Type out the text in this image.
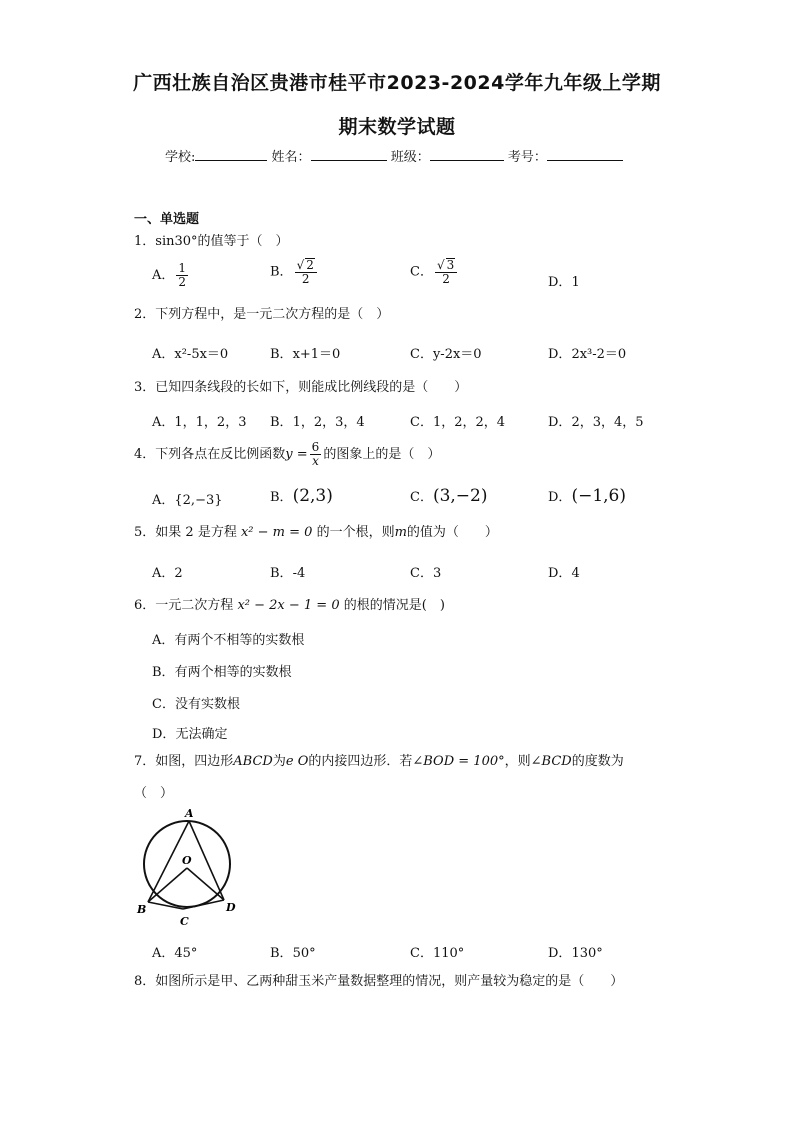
广西壮族自治区贵港市桂平市2023-2024学年九年级上学期
期末数学试题
学校:	姓名：	班级：	考号：
一、单选题
1．sin30°的值等于（　）
A． $\frac{1}{2}$	B． $\frac{√ 2}{2}$	C． $\frac{√ 3}{2}$	D．1
2．下列方程中，是一元二次方程的是（　）
A．x²-5x＝0	B．x+1＝0	C．y-2x＝0	D．2x³-2＝0
3．已知四条线段的长如下，则能成比例线段的是（　　）
A．1，1，2，3 B．1，2，3，4	C．1，2，2，4	D．2，3，4，5
4．下列各点在反比例函数$y = \frac{6}{x}$ 的图象上的是（　）
A．{2,−3}	B．(2,3)	C．(3,−2)	D．(−1,6)
5．如果 2 是方程 x² − m = 0 的一个根，则m的值为（　　）
A．2	B．-4	C．3	D．4
6．一元二次方程 x² − 2x − 1 = 0 的根的情况是(　)
A．有两个不相等的实数根
B．有两个相等的实数根
C．没有实数根
D．无法确定
7．如图，四边形ABCD为e O的内接四边形．若∠BOD = 100°，则∠BCD的度数为
（　）
A
O
B
C
D
A．45°	B．50°	C．110°	D．130°
8．如图所示是甲、乙两种甜玉米产量数据整理的情况，则产量较为稳定的是（　　）
